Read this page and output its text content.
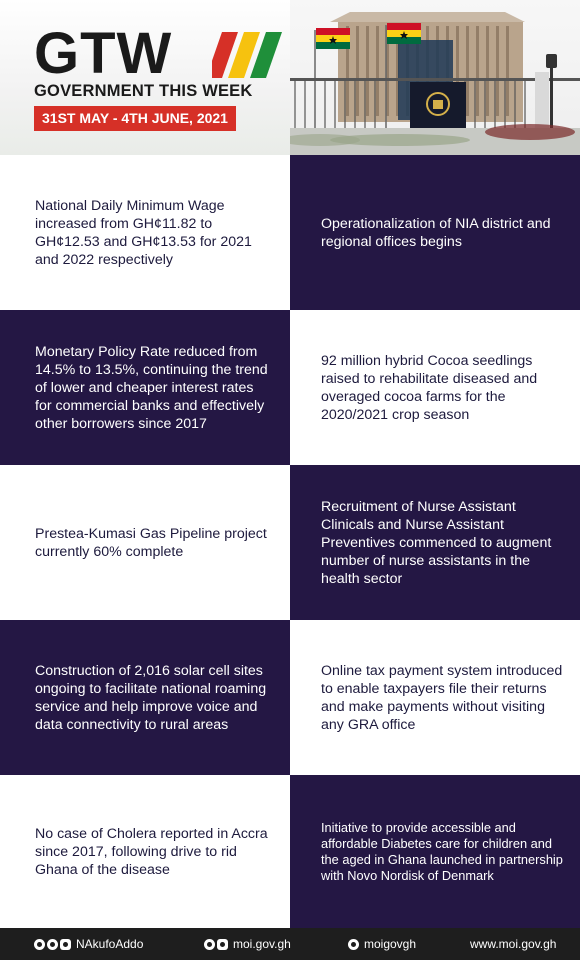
GTW
GOVERNMENT THIS WEEK
31ST MAY - 4TH JUNE, 2021
National Daily Minimum Wage increased from GH¢11.82 to GH¢12.53 and GH¢13.53 for 2021 and 2022 respectively
Operationalization of NIA district and regional offices begins
Monetary Policy Rate reduced from 14.5% to 13.5%, continuing the trend of lower and cheaper interest rates for commercial banks and effectively other borrowers since 2017
92 million hybrid Cocoa seedlings raised to rehabilitate diseased and overaged cocoa farms for the 2020/2021 crop season
Prestea-Kumasi Gas Pipeline project currently 60% complete
Recruitment of Nurse Assistant Clinicals and Nurse Assistant Preventives commenced to augment number of nurse assistants in the health sector
Construction of 2,016 solar cell sites ongoing to facilitate national roaming service and help improve voice and data connectivity to rural areas
Online tax payment system introduced to enable taxpayers file their returns and make payments without visiting any GRA office
No case of Cholera reported in Accra since 2017, following drive to rid Ghana of the disease
Initiative to provide accessible and affordable Diabetes care for children and the aged in Ghana launched in partnership with Novo Nordisk of Denmark
NAkufoAddo	moi.gov.gh	moigovgh	www.moi.gov.gh
